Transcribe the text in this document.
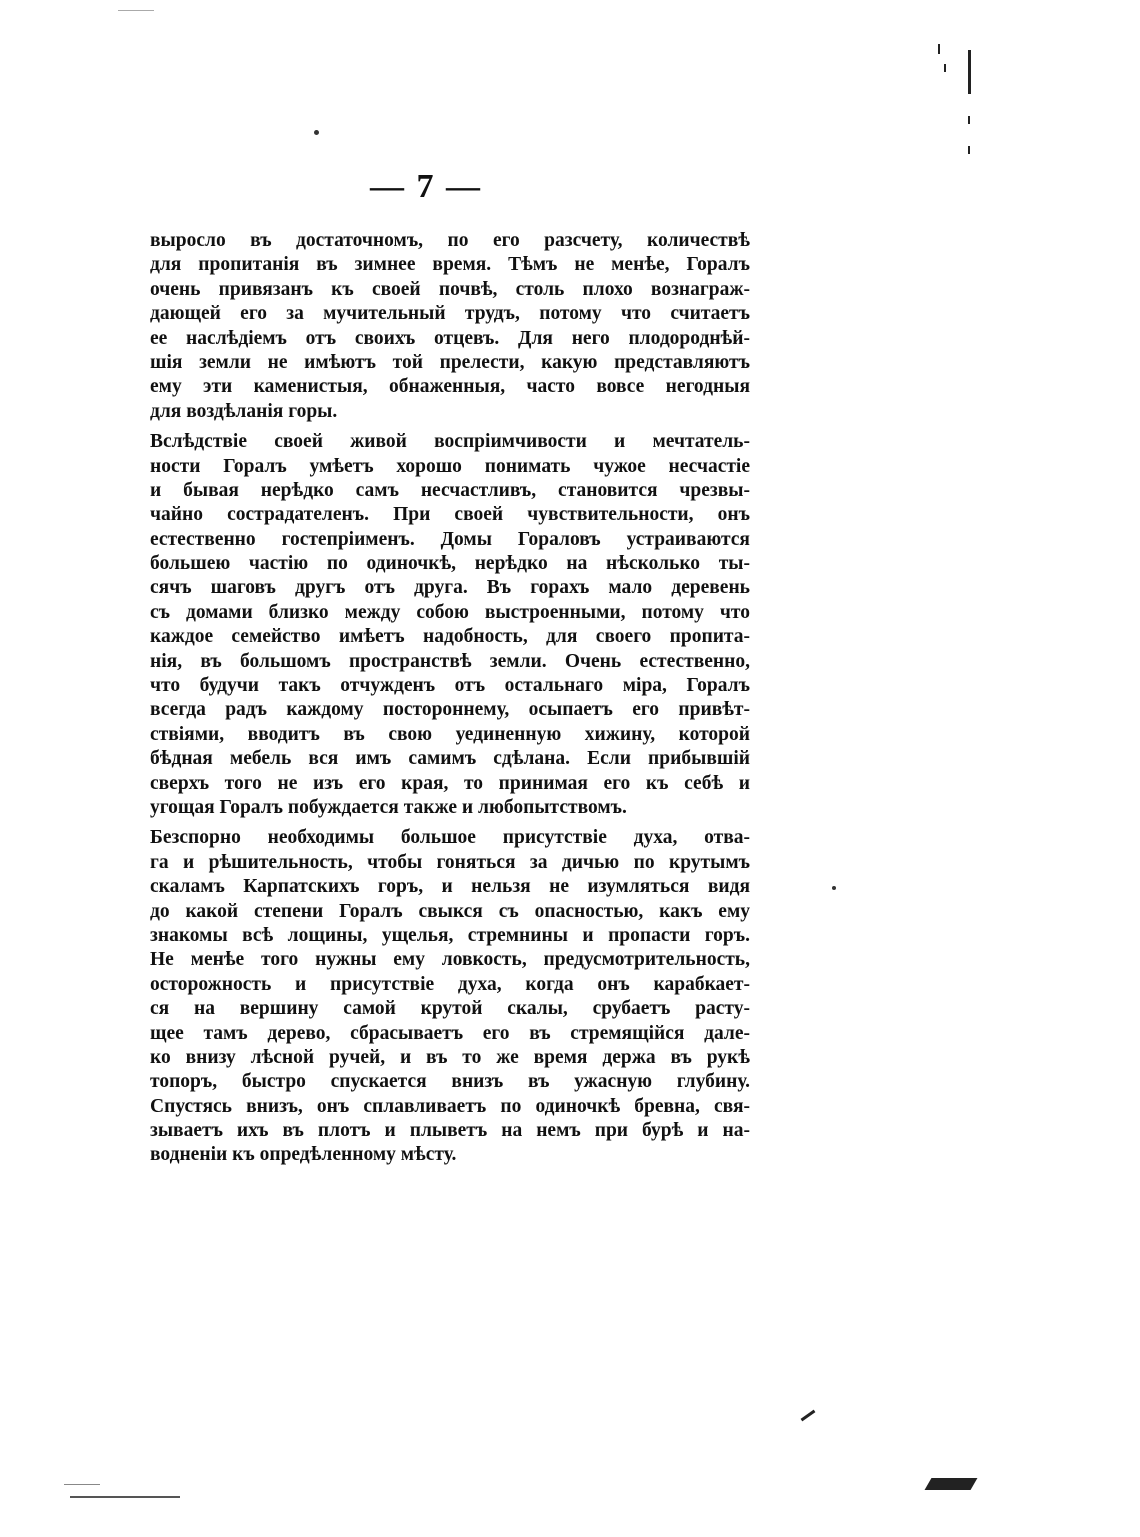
— 7 —
выросло въ достаточномъ, по его разсчету, количествѣ
для пропитанія въ зимнее время. Тѣмъ не менѣе, Горалъ
очень привязанъ къ своей почвѣ, столь плохо вознаграж-
дающей его за мучительный трудъ, потому что считаетъ
ее наслѣдіемъ отъ своихъ отцевъ. Для него плодороднѣй-
шія земли не имѣютъ той прелести, какую представляютъ
ему эти каменистыя, обнаженныя, часто вовсе негодныя
для воздѣланія горы.
Вслѣдствіе своей живой воспріимчивости и мечтатель-
ности Горалъ умѣетъ хорошо понимать чужое несчастіе
и бывая нерѣдко самъ несчастливъ, становится чрезвы-
чайно сострадателенъ. При своей чувствительности, онъ
естественно гостепріименъ. Домы Гораловъ устраиваются
большею частію по одиночкѣ, нерѣдко на нѣсколько ты-
сячъ шаговъ другъ отъ друга. Въ горахъ мало деревень
съ домами близко между собою выстроенными, потому что
каждое семейство имѣетъ надобность, для своего пропита-
нія, въ большомъ пространствѣ земли. Очень естественно,
что будучи такъ отчужденъ отъ остальнаго міра, Горалъ
всегда радъ каждому постороннему, осыпаетъ его привѣт-
ствіями, вводитъ въ свою уединенную хижину, которой
бѣдная мебель вся имъ самимъ сдѣлана. Если прибывшій
сверхъ того не изъ его края, то принимая его къ себѣ и
угощая Горалъ побуждается также и любопытствомъ.
Безспорно необходимы большое присутствіе духа, отва-
га и рѣшительность, чтобы гоняться за дичью по крутымъ
скаламъ Карпатскихъ горъ, и нельзя не изумляться видя
до какой степени Горалъ свыкся съ опасностью, какъ ему
знакомы всѣ лощины, ущелья, стремнины и пропасти горъ.
Не менѣе того нужны ему ловкость, предусмотрительность,
осторожность и присутствіе духа, когда онъ карабкает-
ся на вершину самой крутой скалы, срубаетъ расту-
щее тамъ дерево, сбрасываетъ его въ стремящійся дале-
ко внизу лѣсной ручей, и въ то же время держа въ рукѣ
топоръ, быстро спускается внизъ въ ужасную глубину.
Спустясь внизъ, онъ сплавливаетъ по одиночкѣ бревна, свя-
зываетъ ихъ въ плотъ и плыветъ на немъ при бурѣ и на-
водненіи къ опредѣленному мѣсту.
